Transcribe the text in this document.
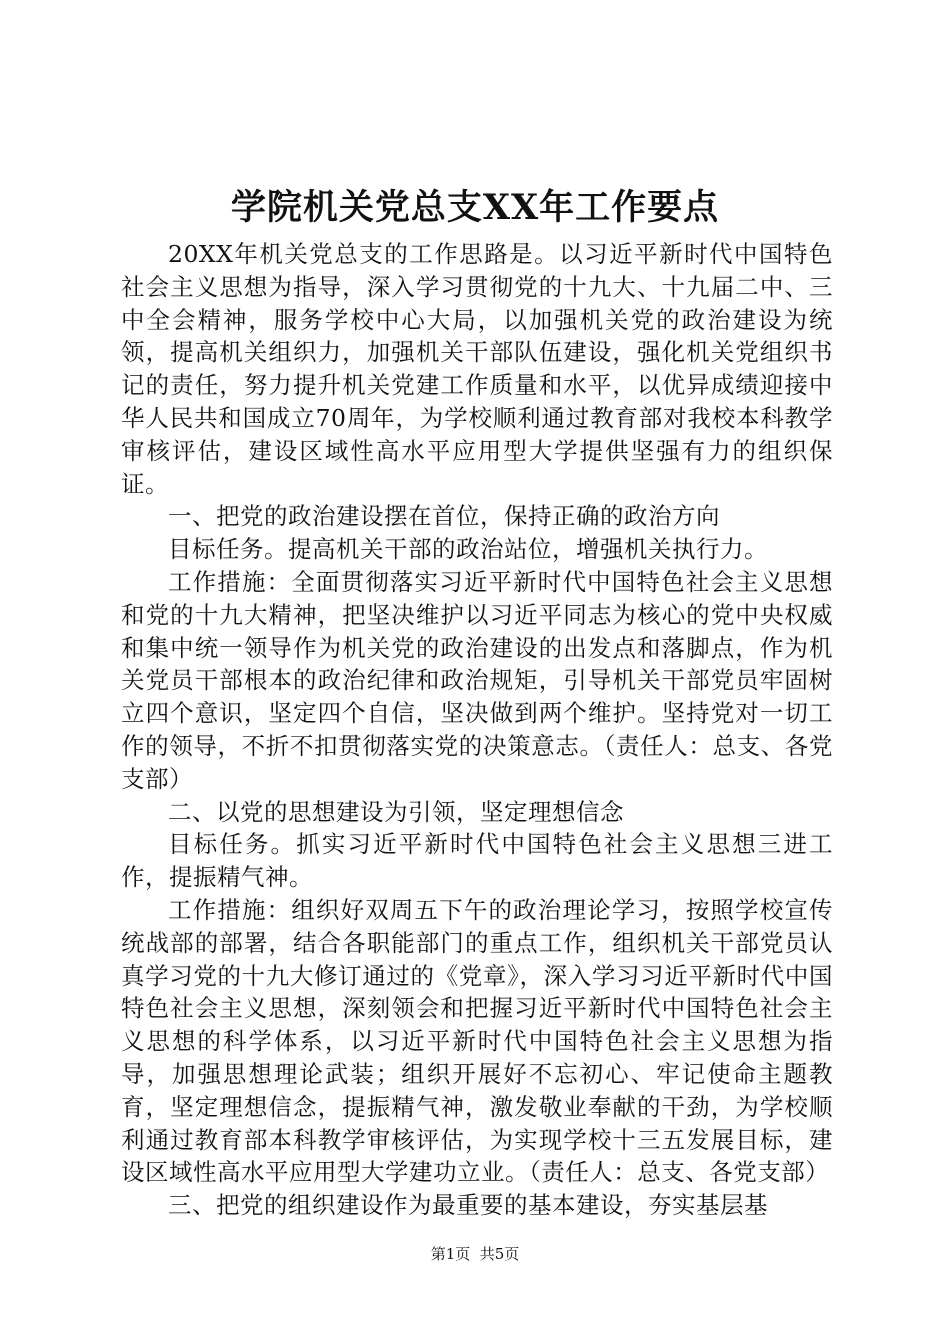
学院机关党总支XX年工作要点

20XX年机关党总支的工作思路是。以习近平新时代中国特色社会主义思想为指导，深入学习贯彻党的十九大、十九届二中、三中全会精神，服务学校中心大局，以加强机关党的政治建设为统领，提高机关组织力，加强机关干部队伍建设，强化机关党组织书记的责任，努力提升机关党建工作质量和水平，以优异成绩迎接中华人民共和国成立70周年，为学校顺利通过教育部对我校本科教学审核评估，建设区域性高水平应用型大学提供坚强有力的组织保证。

一、把党的政治建设摆在首位，保持正确的政治方向

目标任务。提高机关干部的政治站位，增强机关执行力。

工作措施：全面贯彻落实习近平新时代中国特色社会主义思想和党的十九大精神，把坚决维护以习近平同志为核心的党中央权威和集中统一领导作为机关党的政治建设的出发点和落脚点，作为机关党员干部根本的政治纪律和政治规矩，引导机关干部党员牢固树立四个意识，坚定四个自信，坚决做到两个维护。坚持党对一切工作的领导，不折不扣贯彻落实党的决策意志。（责任人：总支、各党支部）

二、以党的思想建设为引领，坚定理想信念

目标任务。抓实习近平新时代中国特色社会主义思想三进工作，提振精气神。

工作措施：组织好双周五下午的政治理论学习，按照学校宣传统战部的部署，结合各职能部门的重点工作，组织机关干部党员认真学习党的十九大修订通过的《党章》，深入学习习近平新时代中国特色社会主义思想，深刻领会和把握习近平新时代中国特色社会主义思想的科学体系，以习近平新时代中国特色社会主义思想为指导，加强思想理论武装；组织开展好不忘初心、牢记使命主题教育，坚定理想信念，提振精气神，激发敬业奉献的干劲，为学校顺利通过教育部本科教学审核评估，为实现学校十三五发展目标，建设区域性高水平应用型大学建功立业。（责任人：总支、各党支部）

三、把党的组织建设作为最重要的基本建设，夯实基层基

第1页  共5页
